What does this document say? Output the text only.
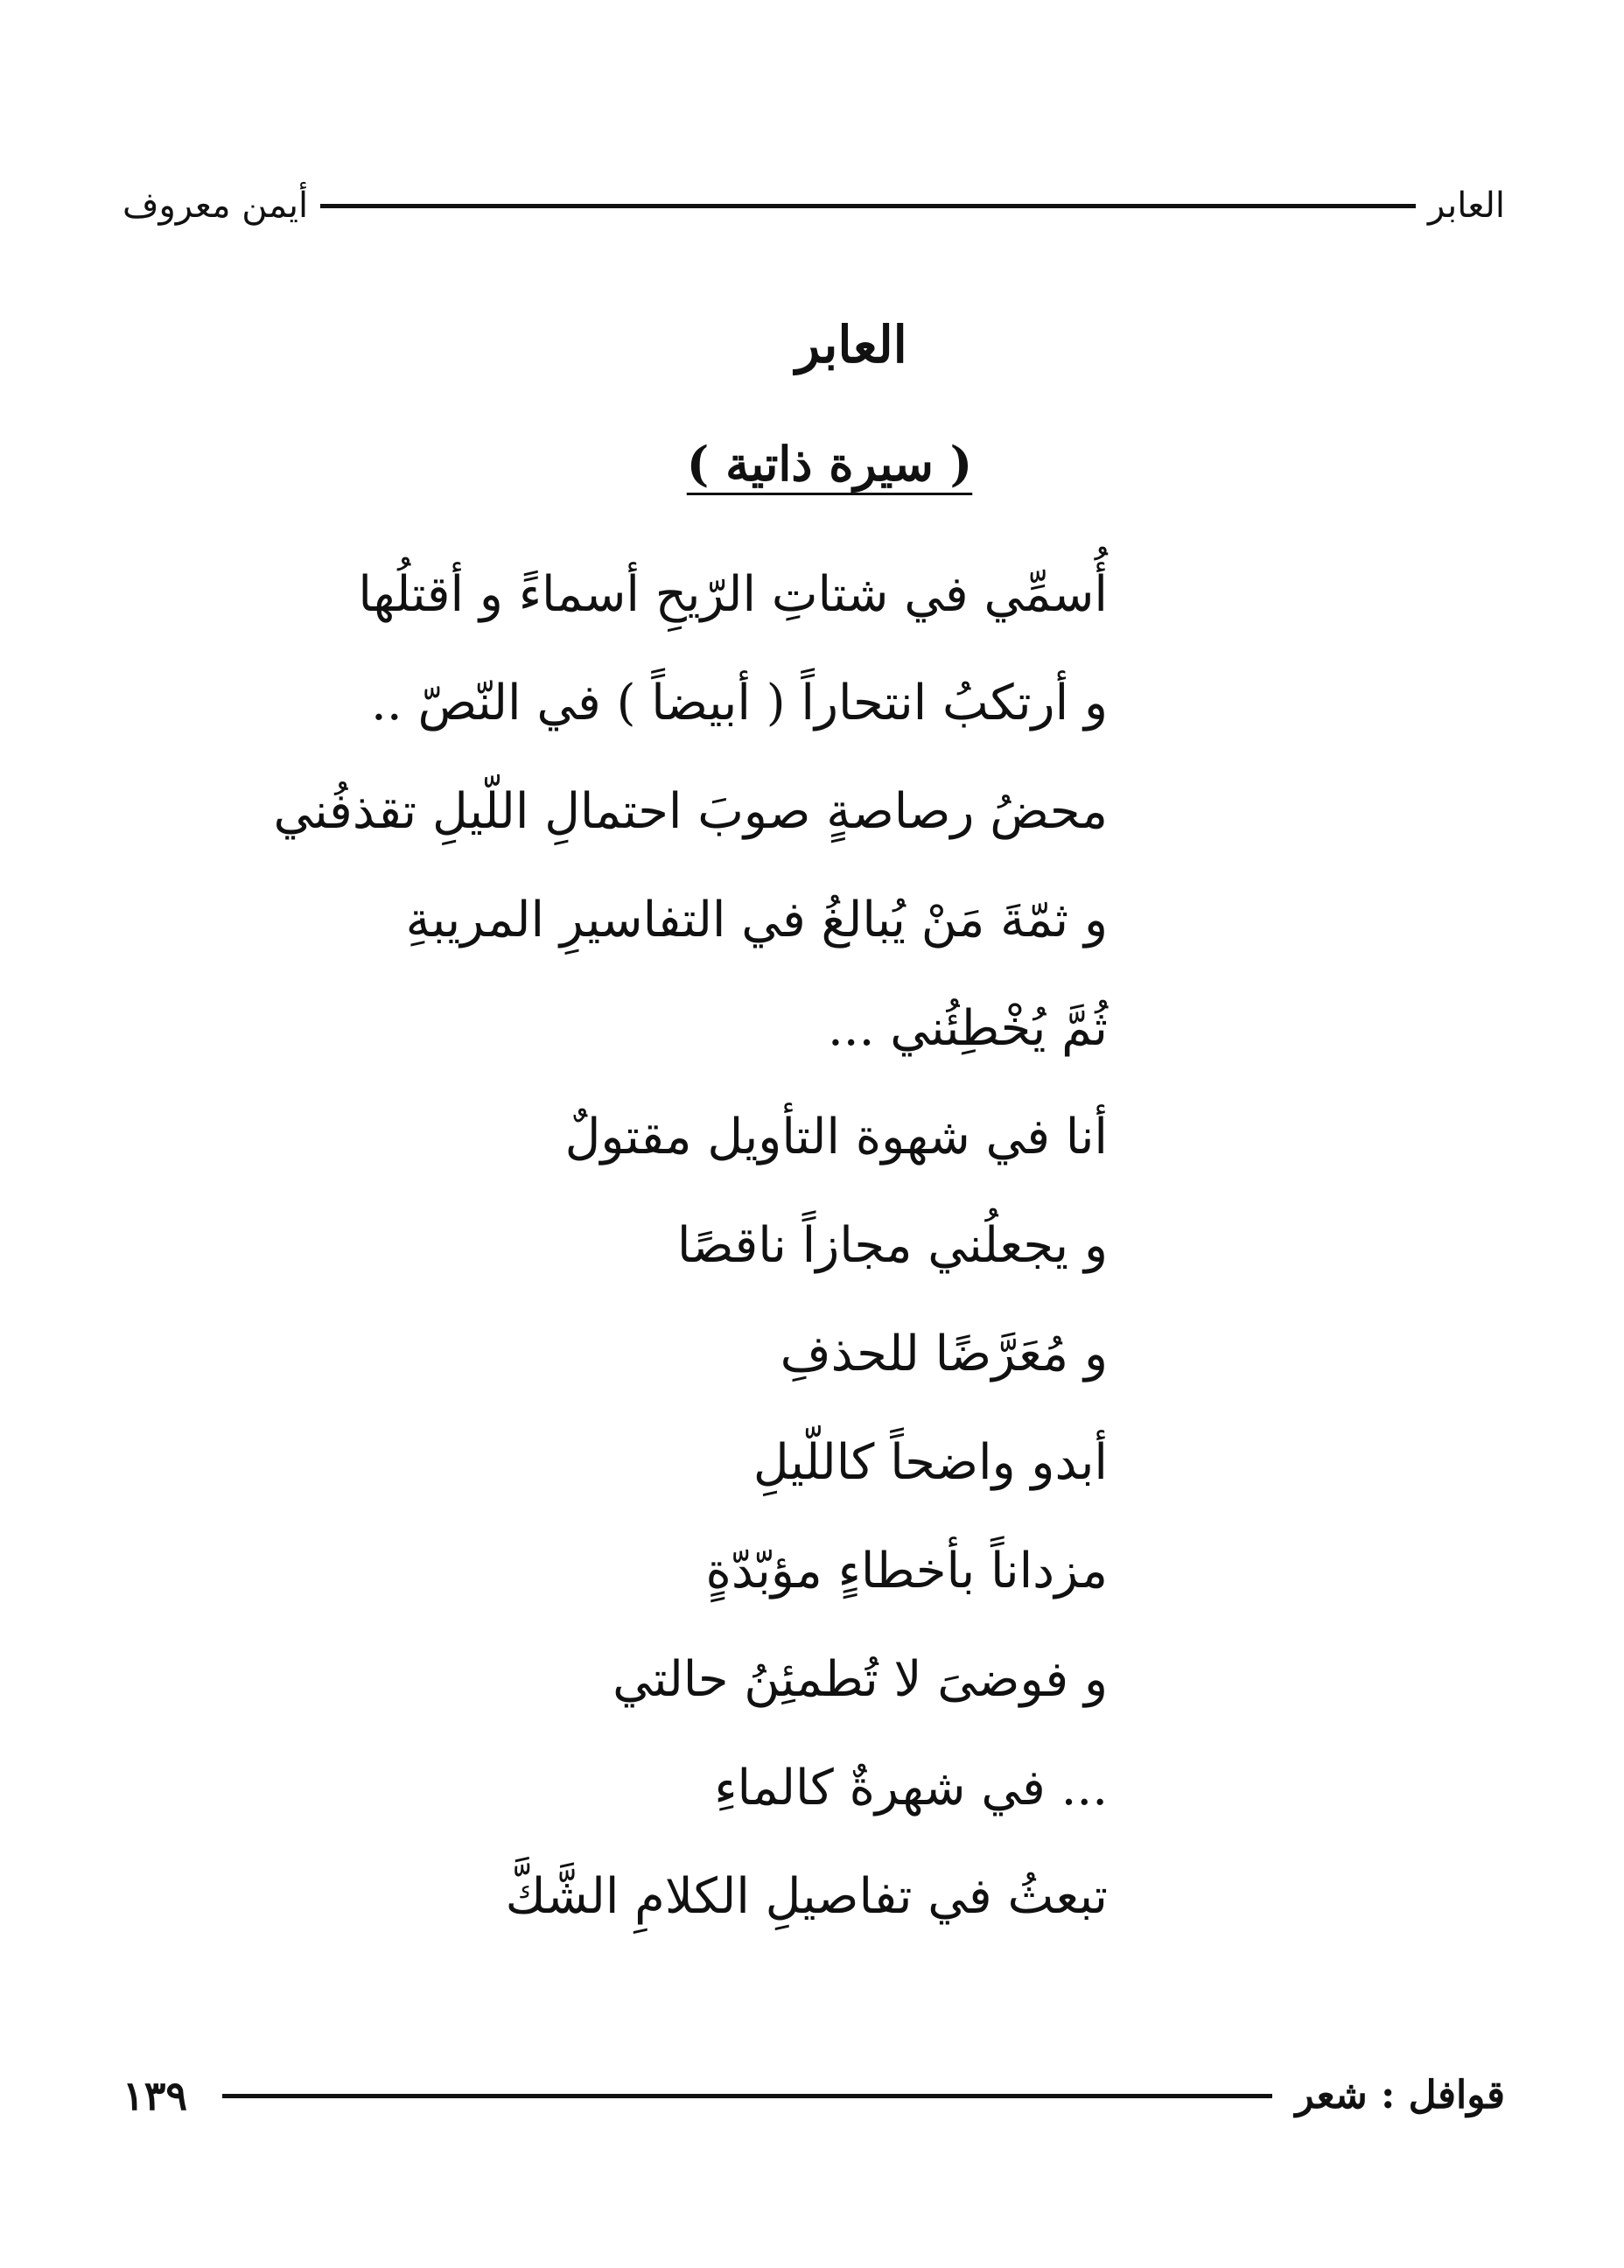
العابر
أيمن معروف
العابر
( سيرة ذاتية )
أُسمِّي في شتاتِ الرّيحِ أسماءً و أقتلُها
و أرتكبُ انتحاراً ( أبيضاً ) في النّصّ ..
محضُ رصاصةٍ صوبَ احتمالِ اللّيلِ تقذفُني
و ثمّةَ مَنْ يُبالغُ في التفاسيرِ المريبةِ
ثُمَّ يُخْطِئُني ...
أنا في شهوة التأويل مقتولٌ
و يجعلُني مجازاً ناقصًا
و مُعَرَّضًا للحذفِ
أبدو واضحاً كاللّيلِ
مزداناً بأخطاءٍ مؤبّدّةٍ
و فوضىَ لا تُطمئِنُ حالتي
... في شهرةٌ كالماءِ
تبعثُ في تفاصيلِ الكلامِ الشَّكَّ
قوافل : شعر
١٣٩
